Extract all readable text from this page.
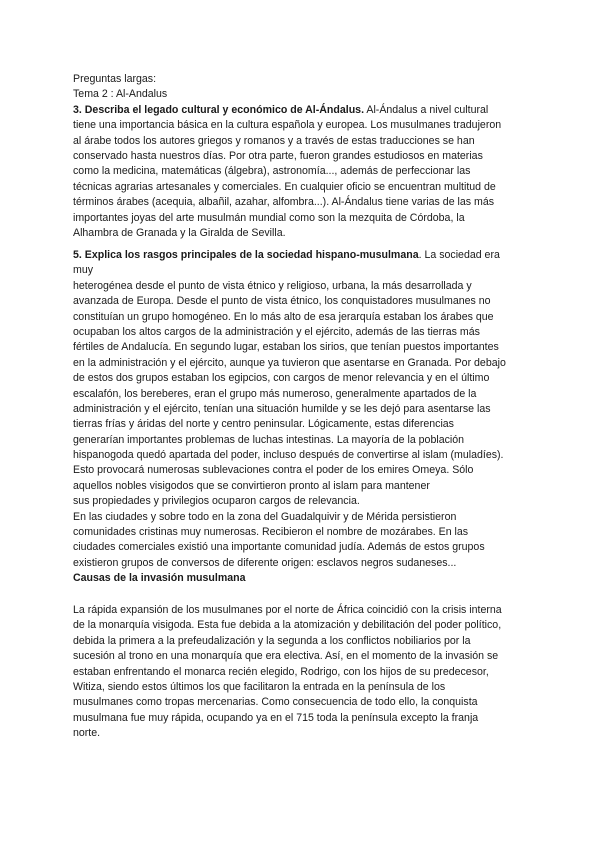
Preguntas largas:
Tema 2 : Al-Andalus
3. Describa el legado cultural y económico de Al-Ándalus. Al-Ándalus a nivel cultural
tiene una importancia básica en la cultura española y europea. Los musulmanes tradujeron
al árabe todos los autores griegos y romanos y a través de estas traducciones se han
conservado hasta nuestros días. Por otra parte, fueron grandes estudiosos en materias
como la medicina, matemáticas (álgebra), astronomía..., además de perfeccionar las
técnicas agrarias artesanales y comerciales. En cualquier oficio se encuentran multitud de
términos árabes (acequia, albañil, azahar, alfombra...). Al-Ándalus tiene varias de las más
importantes joyas del arte musulmán mundial como son la mezquita de Córdoba, la
Alhambra de Granada y la Giralda de Sevilla.
5. Explica los rasgos principales de la sociedad hispano-musulmana. La sociedad era
muy
heterogénea desde el punto de vista étnico y religioso, urbana, la más desarrollada y
avanzada de Europa. Desde el punto de vista étnico, los conquistadores musulmanes no
constituían un grupo homogéneo. En lo más alto de esa jerarquía estaban los árabes que
ocupaban los altos cargos de la administración y el ejército, además de las tierras más
fértiles de Andalucía. En segundo lugar, estaban los sirios, que tenían puestos importantes
en la administración y el ejército, aunque ya tuvieron que asentarse en Granada. Por debajo
de estos dos grupos estaban los egipcios, con cargos de menor relevancia y en el último
escalafón, los bereberes, eran el grupo más numeroso, generalmente apartados de la
administración y el ejército, tenían una situación humilde y se les dejó para asentarse las
tierras frías y áridas del norte y centro peninsular. Lógicamente, estas diferencias
generarían importantes problemas de luchas intestinas. La mayoría de la población
hispanogoda quedó apartada del poder, incluso después de convertirse al islam (muladíes).
Esto provocará numerosas sublevaciones contra el poder de los emires Omeya. Sólo
aquellos nobles visigodos que se convirtieron pronto al islam para mantener
sus propiedades y privilegios ocuparon cargos de relevancia.
En las ciudades y sobre todo en la zona del Guadalquivir y de Mérida persistieron
comunidades cristinas muy numerosas. Recibieron el nombre de mozárabes. En las
ciudades comerciales existió una importante comunidad judía. Además de estos grupos
existieron grupos de conversos de diferente origen: esclavos negros sudaneses...
Causas de la invasión musulmana
La rápida expansión de los musulmanes por el norte de África coincidió con la crisis interna
de la monarquía visigoda. Esta fue debida a la atomización y debilitación del poder político,
debida la primera a la prefeudalización y la segunda a los conflictos nobiliarios por la
sucesión al trono en una monarquía que era electiva. Así, en el momento de la invasión se
estaban enfrentando el monarca recién elegido, Rodrigo, con los hijos de su predecesor,
Witiza, siendo estos últimos los que facilitaron la entrada en la península de los
musulmanes como tropas mercenarias. Como consecuencia de todo ello, la conquista
musulmana fue muy rápida, ocupando ya en el 715 toda la península excepto la franja
norte.
